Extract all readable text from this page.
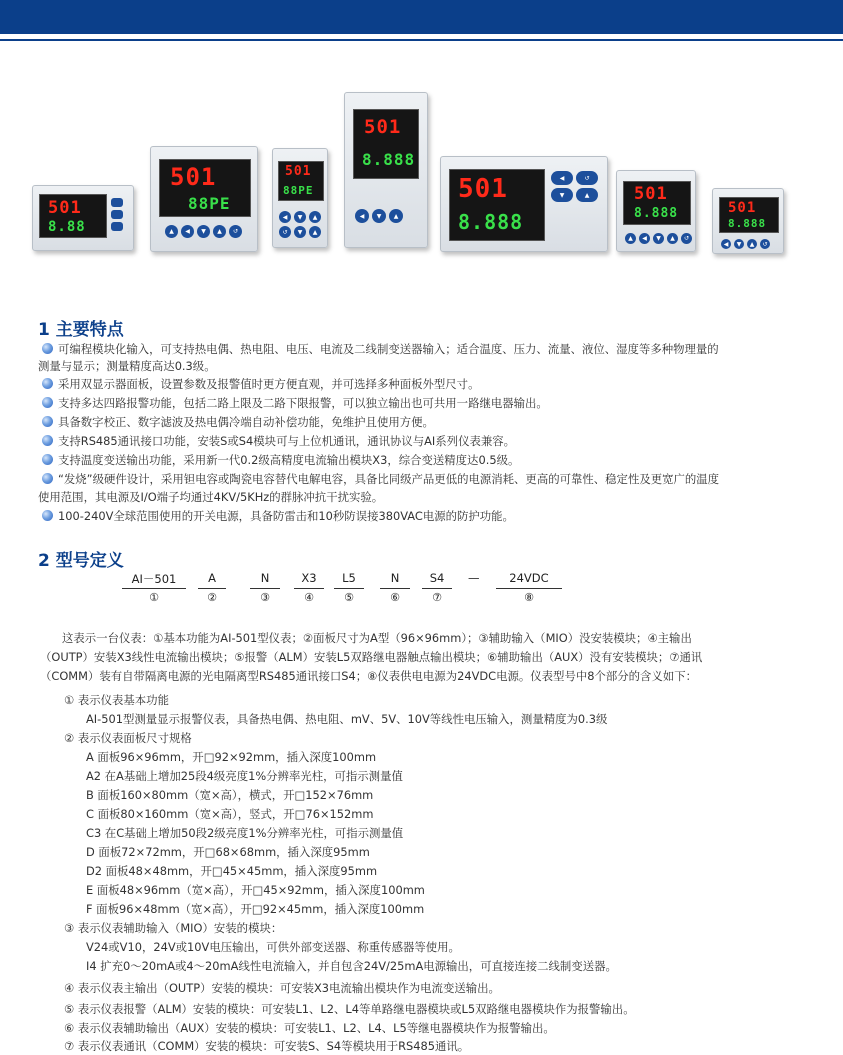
501
8.88
501
88PE
▲	◀	▼	▲	↺
501
88PE
◀	▼	▲
↺	▼	▲
501
8.888
◀	▼	▲
501
8.888
◀	↺
▼	▲	501
8.888
▲	◀	▼	▲	↺
501
8.888
◀	▼	▲	↺
1 主要特点
可编程模块化输入，可支持热电偶、热电阻、电压、电流及二线制变送器输入；适合温度、压力、流量、液位、湿度等多种物理量的
测量与显示；测量精度高达0.3级。
采用双显示器面板，设置参数及报警值时更方便直观，并可选择多种面板外型尺寸。
支持多达四路报警功能，包括二路上限及二路下限报警，可以独立输出也可共用一路继电器输出。
具备数字校正、数字滤波及热电偶冷端自动补偿功能，免维护且使用方便。
支持RS485通讯接口功能，安装S或S4模块可与上位机通讯，通讯协议与AI系列仪表兼容。
支持温度变送输出功能，采用新一代0.2级高精度电流输出模块X3，综合变送精度达0.5级。
“发烧”级硬件设计，采用钽电容或陶瓷电容替代电解电容，具备比同级产品更低的电源消耗、更高的可靠性、稳定性及更宽广的温度
使用范围，其电源及I/O端子均通过4KV/5KHz的群脉冲抗干扰实验。
100-240V全球范围使用的开关电源，具备防雷击和10秒防误接380VAC电源的防护功能。
2 型号定义
AI－501
①
A
②
N
③
X3
④
L5
⑤
N
⑥
S4
⑦
—	24VDC
⑧
这表示一台仪表：①基本功能为AI-501型仪表；②面板尺寸为A型（96×96mm）；③辅助输入（MIO）没安装模块；④主输出
（OUTP）安装X3线性电流输出模块；⑤报警（ALM）安装L5双路继电器触点输出模块；⑥辅助输出（AUX）没有安装模块；⑦通讯
（COMM）装有自带隔离电源的光电隔离型RS485通讯接口S4；⑧仪表供电电源为24VDC电源。仪表型号中8个部分的含义如下：
① 表示仪表基本功能
AI-501型测量显示报警仪表，具备热电偶、热电阻、mV、5V、10V等线性电压输入，测量精度为0.3级
② 表示仪表面板尺寸规格
A 面板96×96mm，开□92×92mm，插入深度100mm
A2 在A基础上增加25段4级亮度1%分辨率光柱，可指示测量值
B 面板160×80mm（宽×高），横式，开□152×76mm
C 面板80×160mm（宽×高），竖式，开□76×152mm
C3 在C基础上增加50段2级亮度1%分辨率光柱，可指示测量值
D 面板72×72mm，开□68×68mm，插入深度95mm
D2 面板48×48mm，开□45×45mm，插入深度95mm
E 面板48×96mm（宽×高），开□45×92mm，插入深度100mm
F 面板96×48mm（宽×高），开□92×45mm，插入深度100mm
③ 表示仪表辅助输入（MIO）安装的模块：
V24或V10，24V或10V电压输出，可供外部变送器、称重传感器等使用。
I4 扩充0～20mA或4～20mA线性电流输入，并自包含24V/25mA电源输出，可直接连接二线制变送器。
④ 表示仪表主输出（OUTP）安装的模块：可安装X3电流输出模块作为电流变送输出。
⑤ 表示仪表报警（ALM）安装的模块：可安装L1、L2、L4等单路继电器模块或L5双路继电器模块作为报警输出。
⑥ 表示仪表辅助输出（AUX）安装的模块：可安装L1、L2、L4、L5等继电器模块作为报警输出。
⑦ 表示仪表通讯（COMM）安装的模块：可安装S、S4等模块用于RS485通讯。
